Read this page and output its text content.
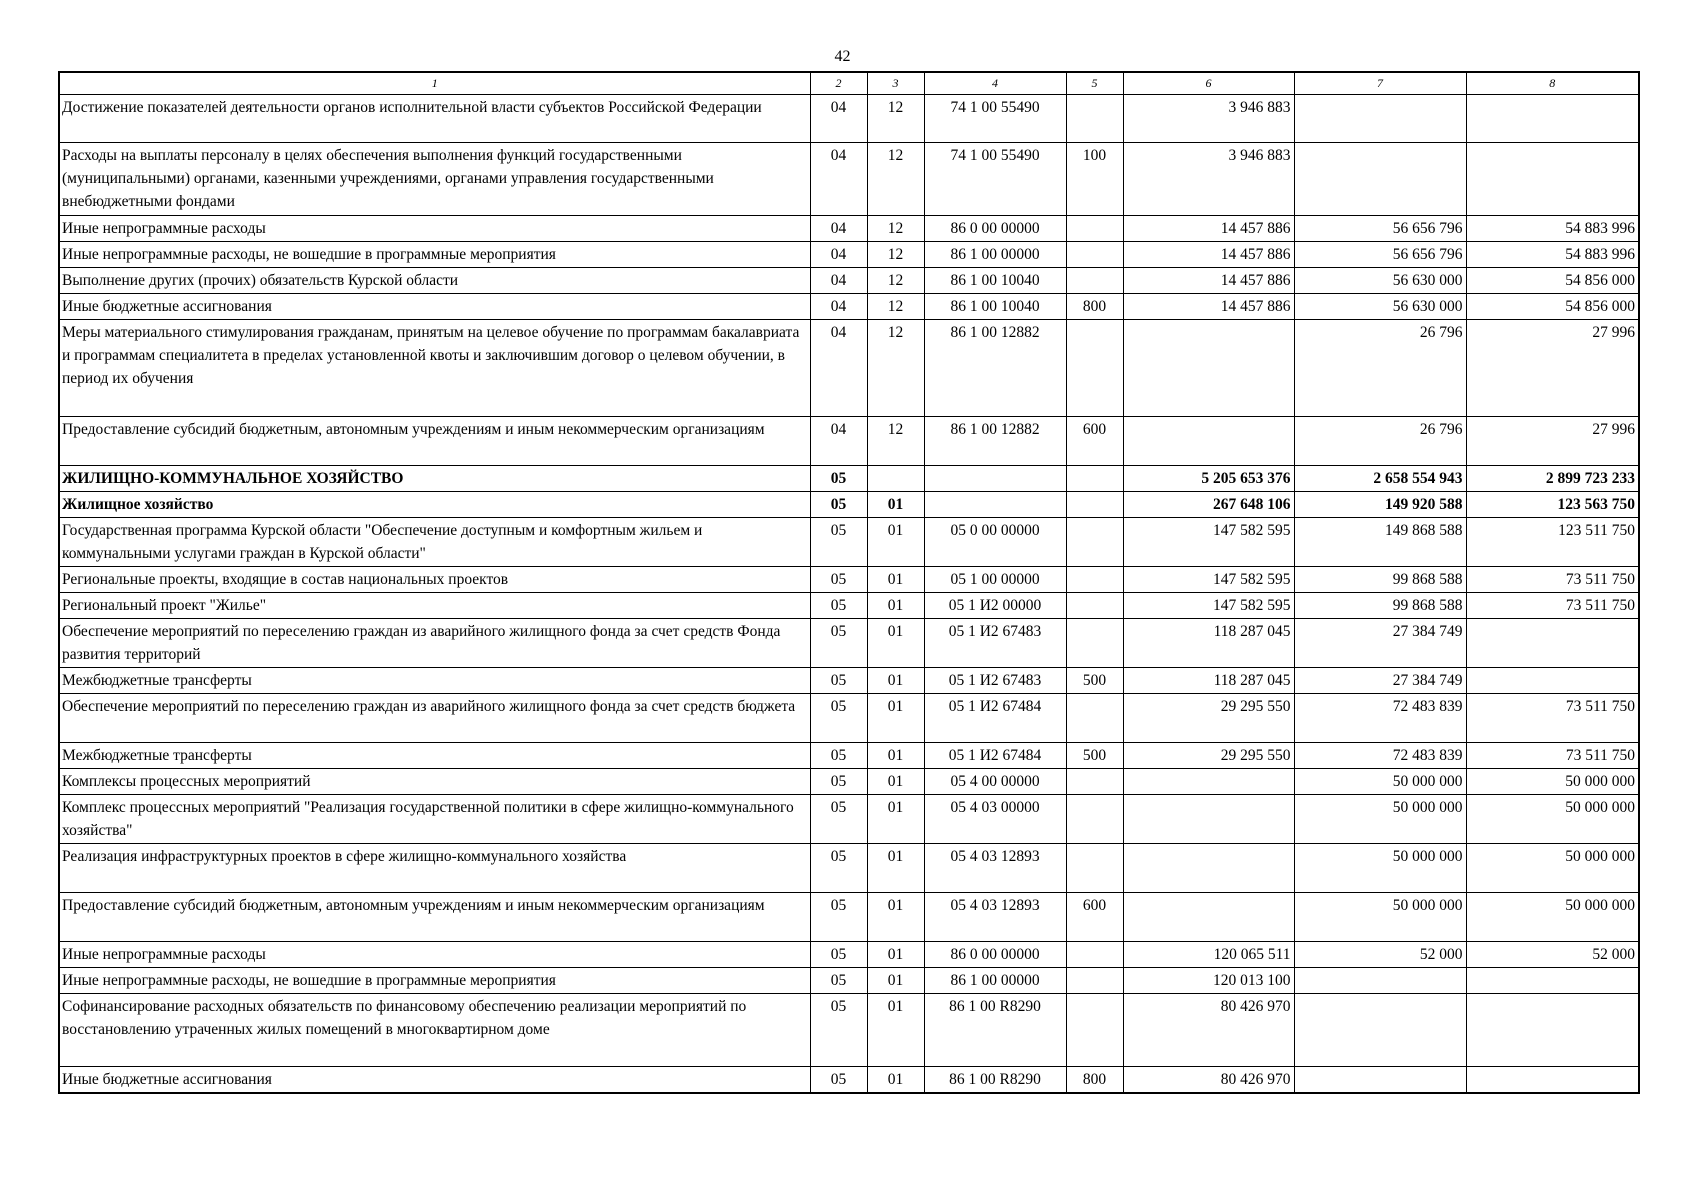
42
1	2	3	4	5	6	7	8
Достижение показателей деятельности органов исполнительной власти субъектов Российской Федерации	04	12	74 1 00 55490		3 946 883		
Расходы на выплаты персоналу в целях обеспечения выполнения функций государственными (муниципальными) органами, казенными учреждениями, органами управления государственными внебюджетными фондами	04	12	74 1 00 55490	100	3 946 883		
Иные непрограммные расходы	04	12	86 0 00 00000		14 457 886	56 656 796	54 883 996
Иные непрограммные расходы, не вошедшие в программные мероприятия	04	12	86 1 00 00000		14 457 886	56 656 796	54 883 996
Выполнение других (прочих) обязательств Курской области	04	12	86 1 00 10040		14 457 886	56 630 000	54 856 000
Иные бюджетные ассигнования	04	12	86 1 00 10040	800	14 457 886	56 630 000	54 856 000
Меры материального стимулирования гражданам, принятым на целевое обучение по программам бакалавриата и программам специалитета в пределах установленной квоты и заключившим договор о целевом обучении, в период их обучения	04	12	86 1 00 12882			26 796	27 996
Предоставление субсидий бюджетным, автономным учреждениям и иным некоммерческим организациям	04	12	86 1 00 12882	600		26 796	27 996
ЖИЛИЩНО-КОММУНАЛЬНОЕ ХОЗЯЙСТВО	05				5 205 653 376	2 658 554 943	2 899 723 233
Жилищное хозяйство	05	01			267 648 106	149 920 588	123 563 750
Государственная программа Курской области "Обеспечение доступным и комфортным жильем и коммунальными услугами граждан в Курской области"	05	01	05 0 00 00000		147 582 595	149 868 588	123 511 750
Региональные проекты, входящие в состав национальных проектов	05	01	05 1 00 00000		147 582 595	99 868 588	73 511 750
Региональный проект "Жилье"	05	01	05 1 И2 00000		147 582 595	99 868 588	73 511 750
Обеспечение мероприятий по переселению граждан из аварийного жилищного фонда за счет средств Фонда развития территорий	05	01	05 1 И2 67483		118 287 045	27 384 749	
Межбюджетные трансферты	05	01	05 1 И2 67483	500	118 287 045	27 384 749	
Обеспечение мероприятий по переселению граждан из аварийного жилищного фонда за счет средств бюджета	05	01	05 1 И2 67484		29 295 550	72 483 839	73 511 750
Межбюджетные трансферты	05	01	05 1 И2 67484	500	29 295 550	72 483 839	73 511 750
Комплексы процессных мероприятий	05	01	05 4 00 00000			50 000 000	50 000 000
Комплекс процессных мероприятий "Реализация государственной политики в сфере жилищно-коммунального хозяйства"	05	01	05 4 03 00000			50 000 000	50 000 000
Реализация инфраструктурных проектов в сфере жилищно-коммунального хозяйства	05	01	05 4 03 12893			50 000 000	50 000 000
Предоставление субсидий бюджетным, автономным учреждениям и иным некоммерческим организациям	05	01	05 4 03 12893	600		50 000 000	50 000 000
Иные непрограммные расходы	05	01	86 0 00 00000		120 065 511	52 000	52 000
Иные непрограммные расходы, не вошедшие в программные мероприятия	05	01	86 1 00 00000		120 013 100		
Софинансирование расходных обязательств по финансовому обеспечению реализации мероприятий по восстановлению утраченных жилых помещений в многоквартирном доме	05	01	86 1 00 R8290		80 426 970		
Иные бюджетные ассигнования	05	01	86 1 00 R8290	800	80 426 970		
